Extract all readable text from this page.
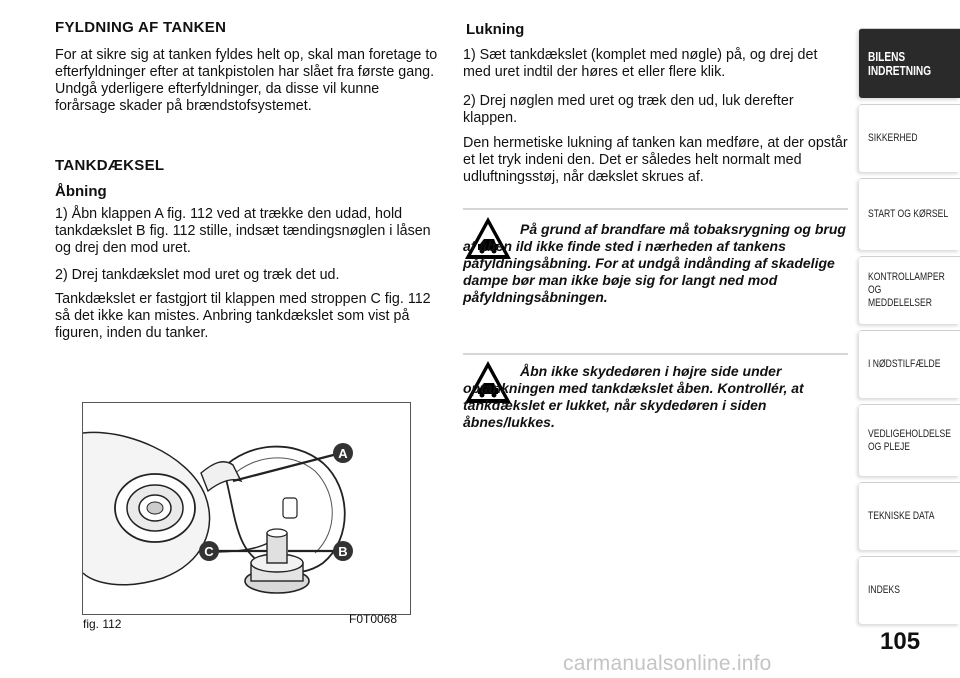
FYLDNING AF TANKEN
For at sikre sig at tanken fyldes helt op, skal man foretage to efterfyldninger efter at tankpistolen har slået fra første gang. Undgå yderligere efterfyldninger, da disse vil kunne forårsage skader på brændstofsystemet.
TANKDÆKSEL
Åbning
1) Åbn klappen A fig. 112 ved at trække den udad, hold tankdækslet B fig. 112 stille, indsæt tændingsnøglen i låsen og drej den mod uret.
2) Drej tankdækslet mod uret og træk det ud.
Tankdækslet er fastgjort til klappen med stroppen C fig. 112 så det ikke kan mistes. Anbring tankdækslet som vist på figuren, inden du tanker.
A
B
C
fig. 112	F0T0068
Lukning
1) Sæt tankdækslet (komplet med nøgle) på, og drej det med uret indtil der høres et eller flere klik.
2) Drej nøglen med uret og træk den ud, luk derefter klappen.
Den hermetiske lukning af tanken kan medføre, at der opstår et let tryk indeni den. Det er således helt normalt med udluftningsstøj, når dækslet skrues af.
På grund af brandfare må tobaksrygning og brug af åben ild ikke finde sted i nærheden af tankens påfyldningsåbning. For at undgå indånding af skadelige dampe bør man ikke bøje sig for langt ned mod påfyldningsåbningen.
Åbn ikke skydedøren i højre side under optankningen med tankdækslet åben. Kontrollér, at tankdækslet er lukket, når skydedøren i siden åbnes/lukkes.
BILENS INDRETNING
SIKKERHED
START OG KØRSEL
KONTROLLAMPER OG MEDDELELSER
I NØDSTILFÆLDE
VEDLIGEHOLDELSE OG PLEJE
TEKNISKE DATA
INDEKS
105
carmanualsonline.info
